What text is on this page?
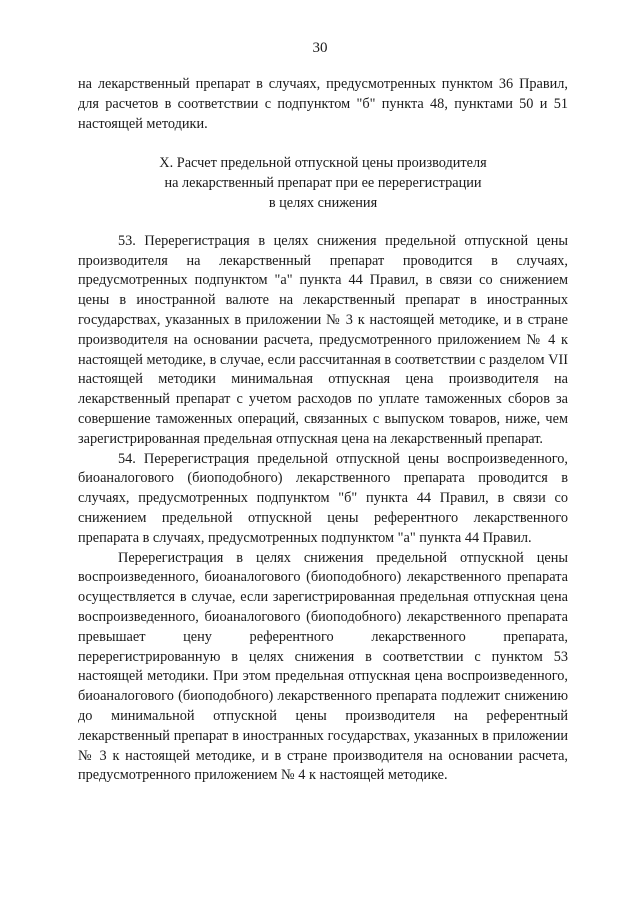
30

на лекарственный препарат в случаях, предусмотренных пунктом 36 Правил, для расчетов в соответствии с подпунктом "б" пункта 48, пунктами 50 и 51 настоящей методики.

X. Расчет предельной отпускной цены производителя
на лекарственный препарат при ее перерегистрации
в целях снижения

53. Перерегистрация в целях снижения предельной отпускной цены производителя на лекарственный препарат проводится в случаях, предусмотренных подпунктом "а" пункта 44 Правил, в связи со снижением цены в иностранной валюте на лекарственный препарат в иностранных государствах, указанных в приложении № 3 к настоящей методике, и в стране производителя на основании расчета, предусмотренного приложением № 4 к настоящей методике, в случае, если рассчитанная в соответствии с разделом VII настоящей методики минимальная отпускная цена производителя на лекарственный препарат с учетом расходов по уплате таможенных сборов за совершение таможенных операций, связанных с выпуском товаров, ниже, чем зарегистрированная предельная отпускная цена на лекарственный препарат.

54. Перерегистрация предельной отпускной цены воспроизведенного, биоаналогового (биоподобного) лекарственного препарата проводится в случаях, предусмотренных подпунктом "б" пункта 44 Правил, в связи со снижением предельной отпускной цены референтного лекарственного препарата в случаях, предусмотренных подпунктом "а" пункта 44 Правил.

Перерегистрация в целях снижения предельной отпускной цены воспроизведенного, биоаналогового (биоподобного) лекарственного препарата осуществляется в случае, если зарегистрированная предельная отпускная цена воспроизведенного, биоаналогового (биоподобного) лекарственного препарата превышает цену референтного лекарственного препарата, перерегистрированную в целях снижения в соответствии с пунктом 53 настоящей методики. При этом предельная отпускная цена воспроизведенного, биоаналогового (биоподобного) лекарственного препарата подлежит снижению до минимальной отпускной цены производителя на референтный лекарственный препарат в иностранных государствах, указанных в приложении № 3 к настоящей методике, и в стране производителя на основании расчета, предусмотренного приложением № 4 к настоящей методике.
